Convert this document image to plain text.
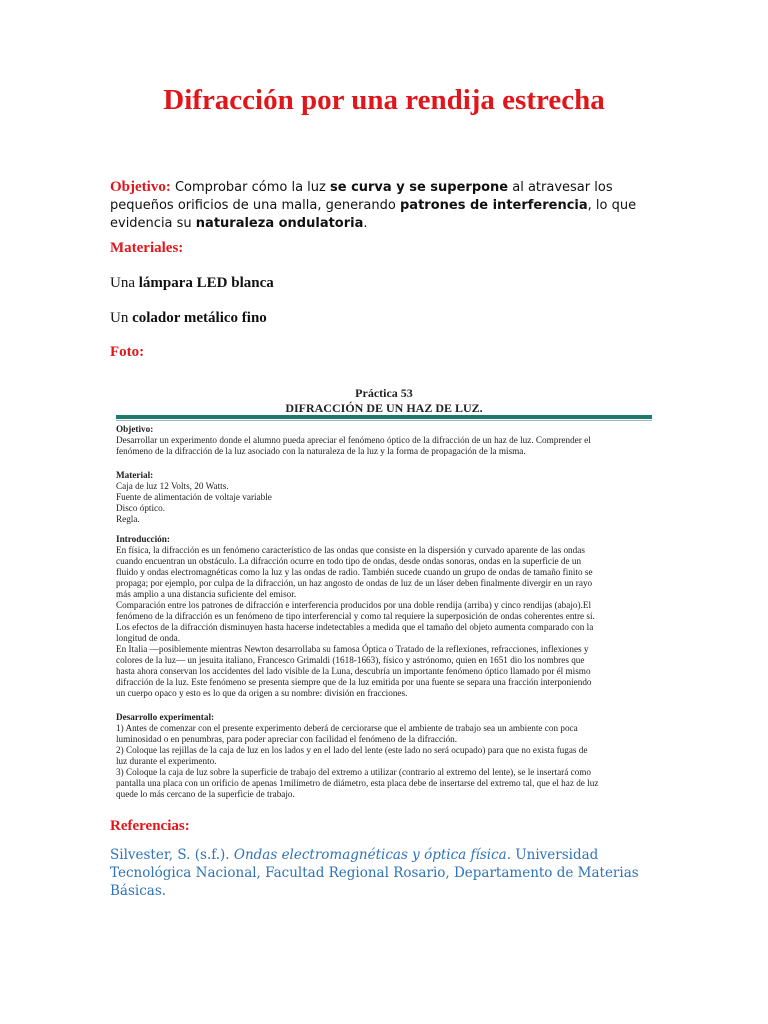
Difracción por una rendija estrecha
Objetivo: Comprobar cómo la luz se curva y se superpone al atravesar los pequeños orificios de una malla, generando patrones de interferencia, lo que evidencia su naturaleza ondulatoria.
Materiales:
Una lámpara LED blanca
Un colador metálico fino
Foto:
Práctica 53
DIFRACCIÓN DE UN HAZ DE LUZ.
Objetivo:
Desarrollar un experimento donde el alumno pueda apreciar el fenómeno óptico de la difracción de un haz de luz. Comprender el
fenómeno de la difracción de la luz asociado con la naturaleza de la luz y la forma de propagación de la misma.
Material:
Caja de luz 12 Volts, 20 Watts.
Fuente de alimentación de voltaje variable
Disco óptico.
Regla.
Introducción:
En física, la difracción es un fenómeno característico de las ondas que consiste en la dispersión y curvado aparente de las ondas
cuando encuentran un obstáculo. La difracción ocurre en todo tipo de ondas, desde ondas sonoras, ondas en la superficie de un
fluido y ondas electromagnéticas como la luz y las ondas de radio. También sucede cuando un grupo de ondas de tamaño finito se
propaga; por ejemplo, por culpa de la difracción, un haz angosto de ondas de luz de un láser deben finalmente divergir en un rayo
más amplio a una distancia suficiente del emisor.
Comparación entre los patrones de difracción e interferencia producidos por una doble rendija (arriba) y cinco rendijas (abajo).El
fenómeno de la difracción es un fenómeno de tipo interferencial y como tal requiere la superposición de ondas coherentes entre sí.
Los efectos de la difracción disminuyen hasta hacerse indetectables a medida que el tamaño del objeto aumenta comparado con la
longitud de onda.
En Italia —posiblemente mientras Newton desarrollaba su famosa Óptica o Tratado de la reflexiones, refracciones, inflexiones y
colores de la luz— un jesuita italiano, Francesco Grimaldi (1618-1663), físico y astrónomo, quien en 1651 dio los nombres que
hasta ahora conservan los accidentes del lado visible de la Luna, descubría un importante fenómeno óptico llamado por él mismo
difracción de la luz. Este fenómeno se presenta siempre que de la luz emitida por una fuente se separa una fracción interponiendo
un cuerpo opaco y esto es lo que da origen a su nombre: división en fracciones.
Desarrollo experimental:
1) Antes de comenzar con el presente experimento deberá de cerciorarse que el ambiente de trabajo sea un ambiente con poca
luminosidad o en penumbras, para poder apreciar con facilidad el fenómeno de la difracción.
2) Coloque las rejillas de la caja de luz en los lados y en el lado del lente (este lado no será ocupado) para que no exista fugas de
luz durante el experimento.
3) Coloque la caja de luz sobre la superficie de trabajo del extremo a utilizar (contrario al extremo del lente), se le insertará como
pantalla una placa con un orificio de apenas 1milímetro de diámetro, esta placa debe de insertarse del extremo tal, que el haz de luz
quede lo más cercano de la superficie de trabajo.
Referencias:
Silvester, S. (s.f.). Ondas electromagnéticas y óptica física. Universidad Tecnológica Nacional, Facultad Regional Rosario, Departamento de Materias Básicas.
